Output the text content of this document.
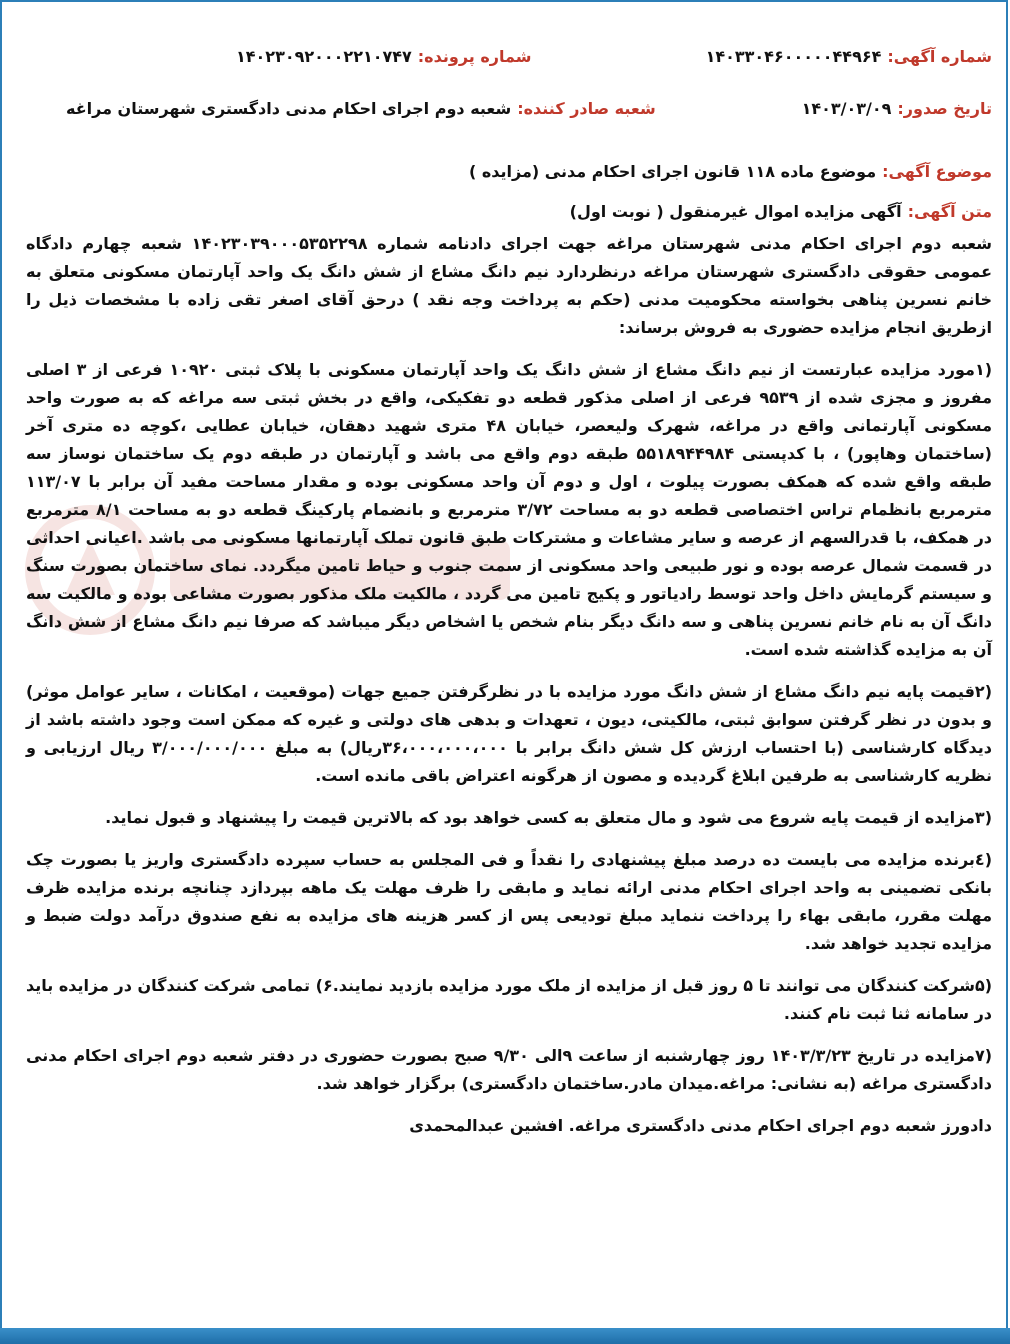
شماره آگهی:
۱۴۰۳۳۰۴۶۰۰۰۰۰۴۴۹۶۴
شماره پرونده:
۱۴۰۲۳۰۹۲۰۰۰۲۲۱۰۷۴۷
تاریخ صدور:
۱۴۰۳/۰۳/۰۹
شعبه صادر کننده:
شعبه دوم اجرای احکام مدنی دادگستری شهرستان مراغه
موضوع آگهی:
موضوع ماده ۱۱۸ قانون اجرای احکام مدنی (مزایده )
متن آگهی:
آگهی مزایده اموال غیرمنقول ( نوبت اول)

شعبه دوم اجرای احکام مدنی شهرستان مراغه جهت اجرای دادنامه شماره ۱۴۰۲۳۰۳۹۰۰۰۵۳۵۲۲۹۸ شعبه چهارم دادگاه عمومی حقوقی دادگستری شهرستان مراغه درنظردارد نیم دانگ مشاع از شش دانگ یک واحد آپارتمان مسکونی متعلق به خانم نسرین پناهی بخواسته محکومیت مدنی (حکم به پرداخت وجه نقد ) درحق آقای اصغر تقی زاده با مشخصات ذیل را ازطریق انجام مزایده حضوری به فروش برساند:

(۱مورد مزایده عبارتست از نیم دانگ مشاع از شش دانگ یک واحد آپارتمان مسکونی با پلاک ثبتی ۱۰۹۲۰ فرعی از ۳ اصلی مفروز و مجزی شده از ۹۵۳۹ فرعی از اصلی مذکور قطعه دو تفکیکی، واقع در بخش ثبتی سه مراغه که به صورت واحد مسکونی آپارتمانی واقع در مراغه، شهرک ولیعصر، خیابان ۴۸ متری شهید دهقان، خیابان عطایی ،کوچه ده متری آخر (ساختمان وهاپور) ، با کدپستی ۵۵۱۸۹۴۴۹۸۴ طبقه دوم واقع می باشد و آپارتمان در طبقه دوم یک ساختمان نوساز سه طبقه واقع شده که همکف بصورت پیلوت ، اول و دوم آن واحد مسکونی بوده و مقدار مساحت مفید آن برابر با ۱۱۳/۰۷ مترمربع بانظمام تراس اختصاصی قطعه دو به مساحت ۳/۷۲ مترمربع و بانضمام پارکینگ قطعه دو به مساحت ۸/۱ مترمربع در همکف، با قدرالسهم از عرصه و سایر مشاعات و مشترکات طبق قانون تملک آپارتمانها مسکونی می باشد .اعیانی احداثی در قسمت شمال عرصه بوده و نور طبیعی واحد مسکونی از سمت جنوب و حیاط تامین میگردد. نمای ساختمان بصورت سنگ و سیستم گرمایش داخل واحد توسط رادیاتور و پکیج تامین می گردد ، مالکیت ملک مذکور بصورت مشاعی بوده و مالکیت سه دانگ آن به نام خانم نسرین پناهی و سه دانگ دیگر بنام شخص یا اشخاص دیگر میباشد که صرفا نیم دانگ مشاع از شش دانگ آن به مزایده گذاشته شده است.

(۲قیمت پایه نیم دانگ مشاع از شش دانگ مورد مزایده با در نظرگرفتن جمیع جهات (موقعیت ، امکانات ، سایر عوامل موثر) و بدون در نظر گرفتن سوابق ثبتی، مالکیتی، دیون ، تعهدات و بدهی های دولتی و غیره که ممکن است وجود داشته باشد از دیدگاه کارشناسی (با احتساب ارزش کل شش دانگ برابر با ۳۶،۰۰۰،۰۰۰،۰۰۰ریال) به مبلغ ۳/۰۰۰/۰۰۰/۰۰۰ ریال ارزیابی و نظریه کارشناسی به طرفین ابلاغ گردیده و مصون از هرگونه اعتراض باقی مانده است.

(۳مزایده از قیمت پایه شروع می شود و مال متعلق به کسی خواهد بود که بالاترین قیمت را پیشنهاد و قبول نماید.

(٤برنده مزایده می بایست ده درصد مبلغ پیشنهادی را نقداً و فی المجلس به حساب سپرده دادگستری واریز یا بصورت چک بانکی تضمینی به واحد اجرای احکام مدنی ارائه نماید و مابقی را ظرف مهلت یک ماهه بپردازد چنانچه برنده مزایده ظرف مهلت مقرر، مابقی بهاء را پرداخت ننماید مبلغ تودیعی پس از کسر هزینه های مزایده به نفع صندوق درآمد دولت ضبط و مزایده تجدید خواهد شد.

(۵شرکت کنندگان می توانند تا ۵ روز قبل از مزایده از ملک مورد مزایده بازدید نمایند.۶) تمامی شرکت کنندگان در مزایده باید در سامانه ثنا ثبت نام کنند.

(۷مزایده در تاریخ ۱۴۰۳/۳/۲۳ روز چهارشنبه از ساعت ۹الی ۹/۳۰ صبح بصورت حضوری در دفتر شعبه دوم اجرای احکام مدنی دادگستری مراغه (به نشانی: مراغه.میدان مادر.ساختمان دادگستری) برگزار خواهد شد.

دادورز شعبه دوم اجرای احکام مدنی دادگستری مراغه. افشین عبدالمحمدی
